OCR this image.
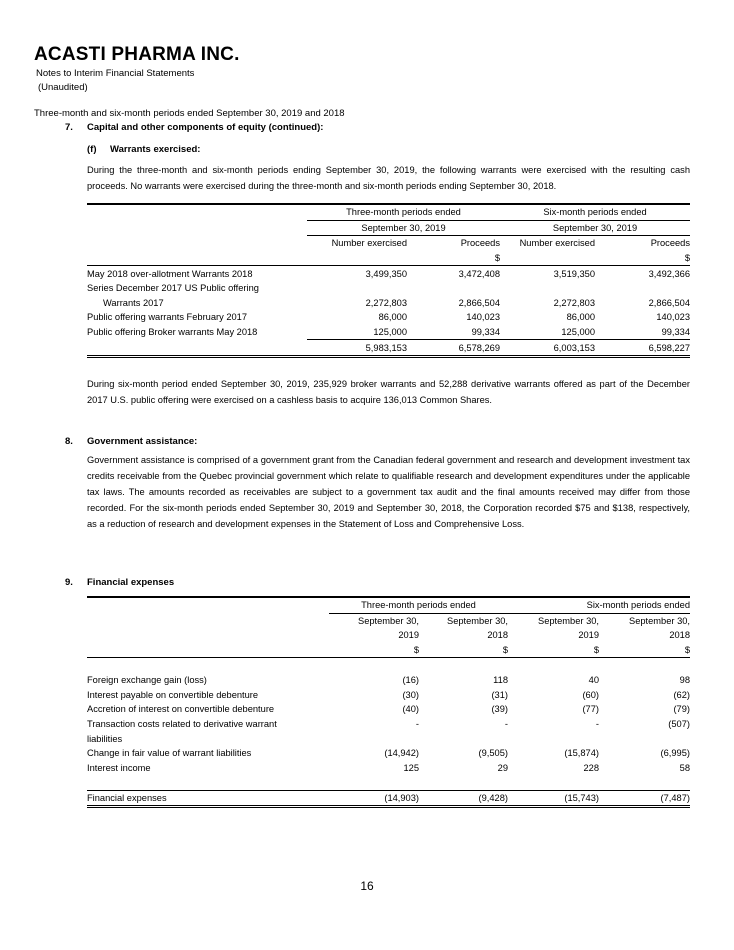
ACASTI PHARMA INC.
Notes to Interim Financial Statements
(Unaudited)
Three-month and six-month periods ended September 30, 2019 and 2018
7. Capital and other components of equity (continued):
(f) Warrants exercised:
During the three-month and six-month periods ending September 30, 2019, the following warrants were exercised with the resulting cash proceeds. No warrants were exercised during the three-month and six-month periods ending September 30, 2018.
	Three-month periods ended		Six-month periods ended	
	September 30, 2019		September 30, 2019	
	Number exercised	Proceeds	Number exercised	Proceeds
		$		$
May 2018 over-allotment Warrants 2018	3,499,350	3,472,408	3,519,350	3,492,366
Series December 2017 US Public offering				
Warrants 2017	2,272,803	2,866,504	2,272,803	2,866,504
Public offering warrants February 2017	86,000	140,023	86,000	140,023
Public offering Broker warrants May 2018	125,000	99,334	125,000	99,334
	5,983,153	6,578,269	6,003,153	6,598,227
During six-month period ended September 30, 2019, 235,929 broker warrants and 52,288 derivative warrants offered as part of the December 2017 U.S. public offering were exercised on a cashless basis to acquire 136,013 Common Shares.
8. Government assistance:
Government assistance is comprised of a government grant from the Canadian federal government and research and development investment tax credits receivable from the Quebec provincial government which relate to qualifiable research and development expenditures under the applicable tax laws. The amounts recorded as receivables are subject to a government tax audit and the final amounts received may differ from those recorded. For the six-month periods ended September 30, 2019 and September 30, 2018, the Corporation recorded $75 and $138, respectively, as a reduction of research and development expenses in the Statement of Loss and Comprehensive Loss.
9. Financial expenses
	Three-month periods ended		Six-month periods ended	
	September 30,	September 30,	September 30,	September 30,
	2019	2018	2019	2018
	$	$	$	$

Foreign exchange gain (loss)	(16)	118	40	98
Interest payable on convertible debenture	(30)	(31)	(60)	(62)
Accretion of interest on convertible debenture	(40)	(39)	(77)	(79)
Transaction costs related to derivative warrant	-	-	-	(507)
liabilities				
Change in fair value of warrant liabilities	(14,942)	(9,505)	(15,874)	(6,995)
Interest income	125	29	228	58

Financial expenses	(14,903)	(9,428)	(15,743)	(7,487)
16
